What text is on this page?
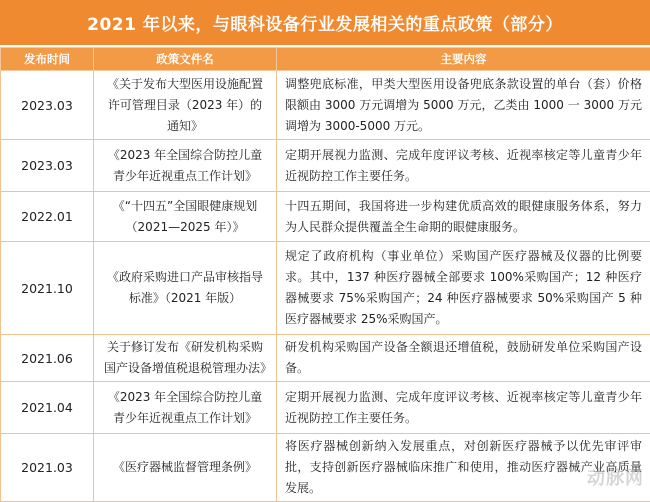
2021 年以来，与眼科设备行业发展相关的重点政策（部分）
发布时间	政策文件名	主要内容
2023.03	《关于发布大型医用设施配置许可管理目录（2023 年）的通知》	调整兜底标准，甲类大型医用设备兜底条款设置的单台（套）价格限额由 3000 万元调增为 5000 万元，乙类由 1000 一 3000 万元调增为 3000-5000 万元。
2023.03	《2023 年全国综合防控儿童青少年近视重点工作计划》	定期开展视力监测、完成年度评议考核、近视率核定等儿童青少年近视防控工作主要任务。
2022.01	《“十四五”全国眼健康规划（2021—2025 年）》	十四五期间，我国将进一步构建优质高效的眼健康服务体系，努力为人民群众提供覆盖全生命期的眼健康服务。
2021.10	《政府采购进口产品审核指导标准》（2021 年版）	规定了政府机构（事业单位）采购国产医疗器械及仪器的比例要求。其中，137 种医疗器械全部要求 100%采购国产；12 种医疗器械要求 75%采购国产；24 种医疗器械要求 50%采购国产 5 种医疗器械要求 25%采购国产。
2021.06	关于修订发布《研发机构采购国产设备增值税退税管理办法》	研发机构采购国产设备全额退还增值税，鼓励研发单位采购国产设备。
2021.04	《2023 年全国综合防控儿童青少年近视重点工作计划》	定期开展视力监测、完成年度评议考核、近视率核定等儿童青少年近视防控工作主要任务。
2021.03	《医疗器械监督管理条例》	将医疗器械创新纳入发展重点，对创新医疗器械予以优先审评审批，支持创新医疗器械临床推广和使用，推动医疗器械产业高质量发展。	动脉网
